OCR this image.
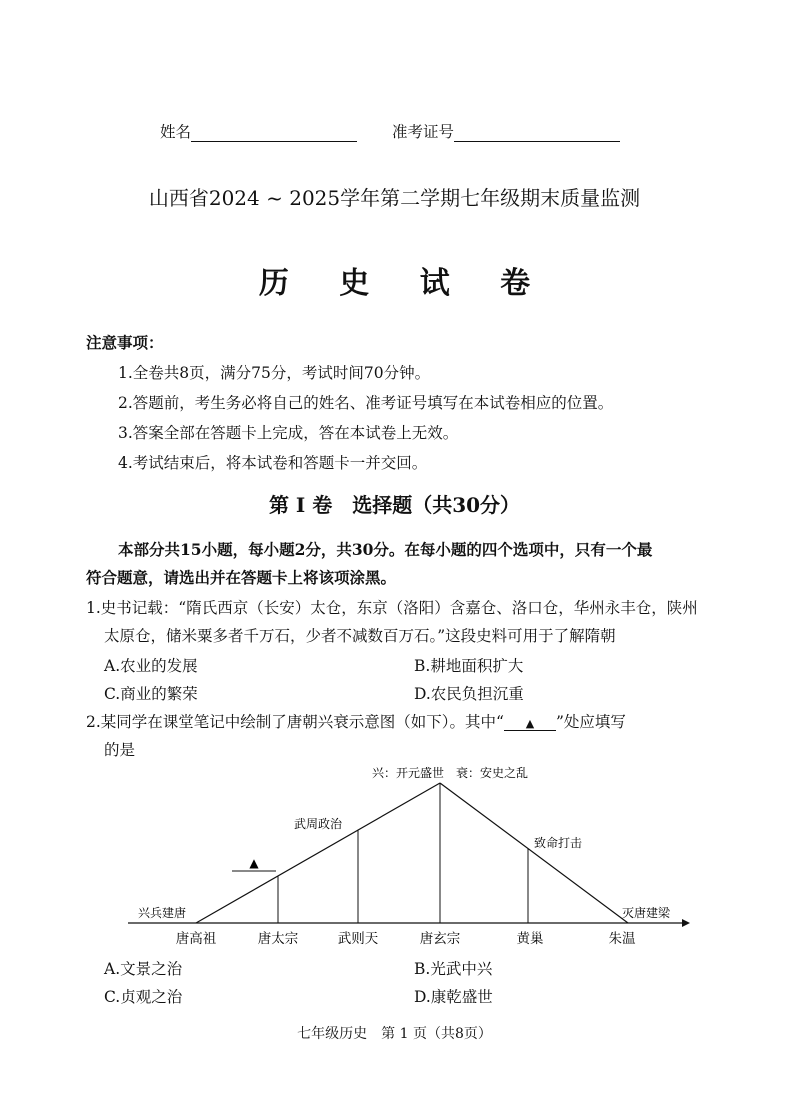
姓名	准考证号
山西省2024 ~ 2025学年第二学期七年级期末质量监测
历 史 试 卷
注意事项：
1.全卷共8页，满分75分，考试时间70分钟。
2.答题前，考生务必将自己的姓名、准考证号填写在本试卷相应的位置。
3.答案全部在答题卡上完成，答在本试卷上无效。
4.考试结束后，将本试卷和答题卡一并交回。
第 I 卷　选择题（共30分）
本部分共15小题，每小题2分，共30分。在每小题的四个选项中，只有一个最
符合题意，请选出并在答题卡上将该项涂黑。
1.史书记载：“隋氏西京（长安）太仓，东京（洛阳）含嘉仓、洛口仓，华州永丰仓，陕州
太原仓，储米粟多者千万石，少者不减数百万石。”这段史料可用于了解隋朝
A.农业的发展	B.耕地面积扩大
C.商业的繁荣	D.农民负担沉重
2.某同学在课堂笔记中绘制了唐朝兴衰示意图（如下）。其中“ ▲ ”处应填写
的是
▲
兴：开元盛世 衰：安史之乱
武周政治
致命打击
兴兵建唐	灭唐建梁
唐高祖	唐太宗	武则天	唐玄宗	黄巢	朱温
A.文景之治	B.光武中兴
C.贞观之治	D.康乾盛世
七年级历史　第 1 页（共8页）
